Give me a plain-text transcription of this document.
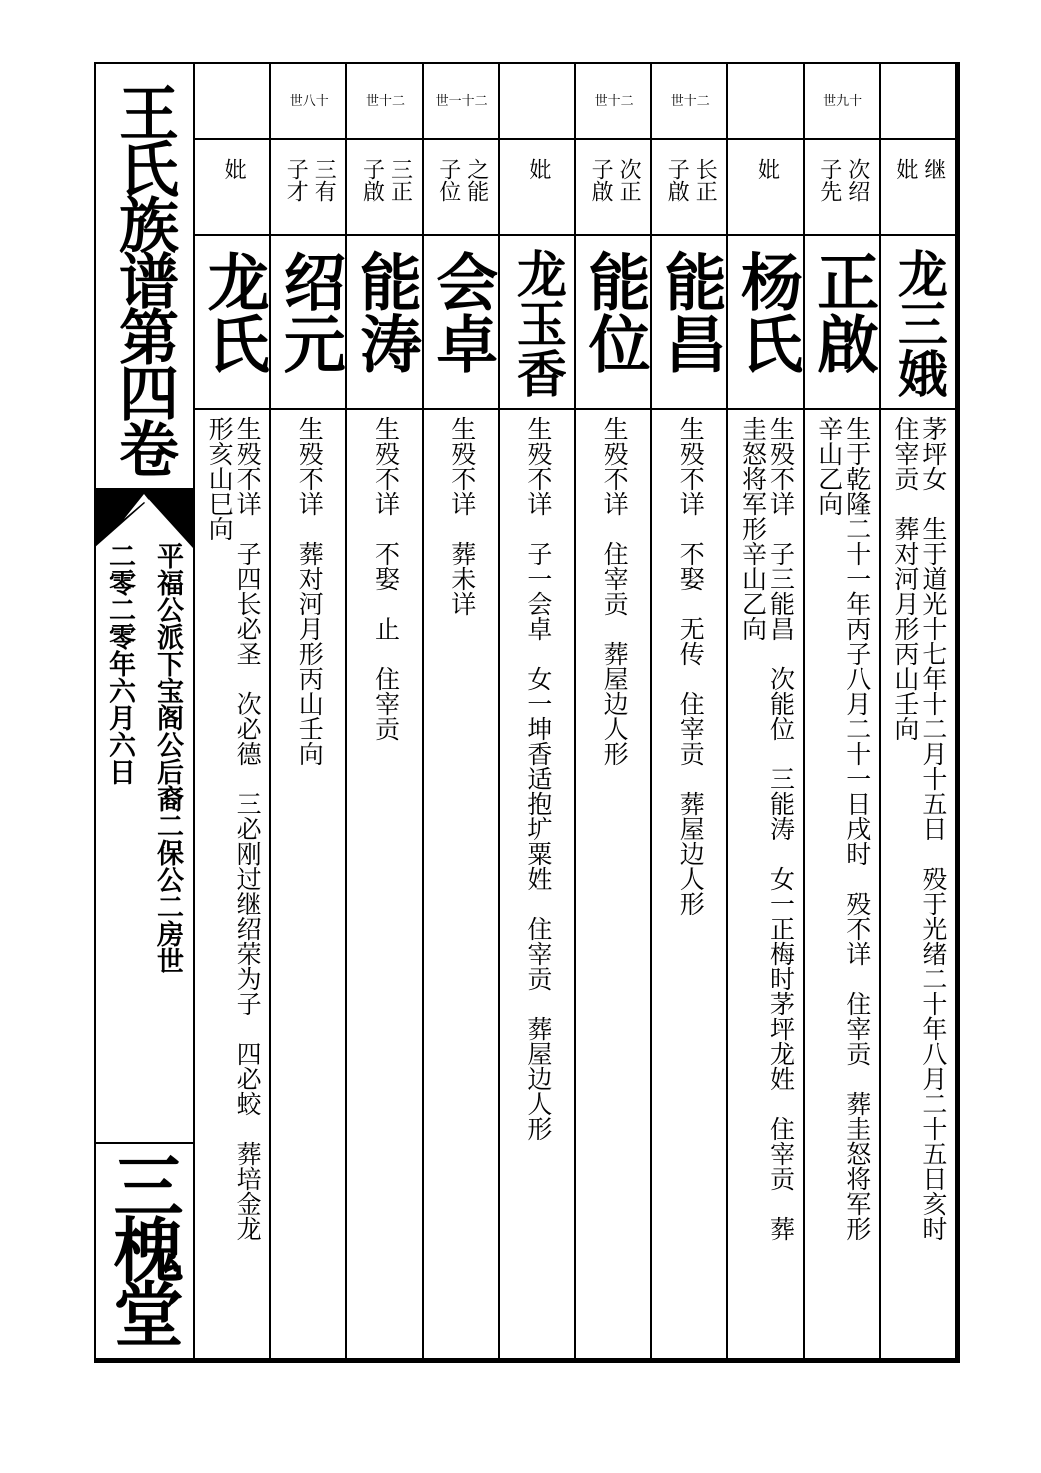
王氏族谱第四卷
平福公派下宝阁公后裔二保公二房世
二零二零年六月六日
三槐堂
继
妣
龙三娥
茅坪女　生于道光十七年十二月十五日　殁于光绪二十年八月二十五日亥时
住宰贡　葬对河月形丙山壬向
世九十
次绍
子先
正啟
生于乾隆二十一年丙子八月二十一日戌时　殁不详　住宰贡　葬圭怒将军形
辛山乙向
妣
杨氏
生殁不详　子三能昌　次能位　三能涛　女一正梅时茅坪龙姓　住宰贡　葬
圭怒将军形辛山乙向
世十二
长正
子啟
能昌
生殁不详　不娶　无传　住宰贡　葬屋边人形
世十二
次正
子啟
能位
生殁不详　住宰贡　葬屋边人形
妣
龙玉香
生殁不详　子一会卓　女一坤香适抱圹粟姓　住宰贡　葬屋边人形
世一十二
之能
子位
会卓
生殁不详　葬未详
世十二
三正
子啟
能涛
生殁不详　不娶　止　住宰贡
世八十
三有
子才
绍元
生殁不详　葬对河月形丙山壬向
妣
龙氏
生殁不详　子四长必圣　次必德　三必刚过继绍荣为子　四必蛟　葬培金龙
形亥山巳向
